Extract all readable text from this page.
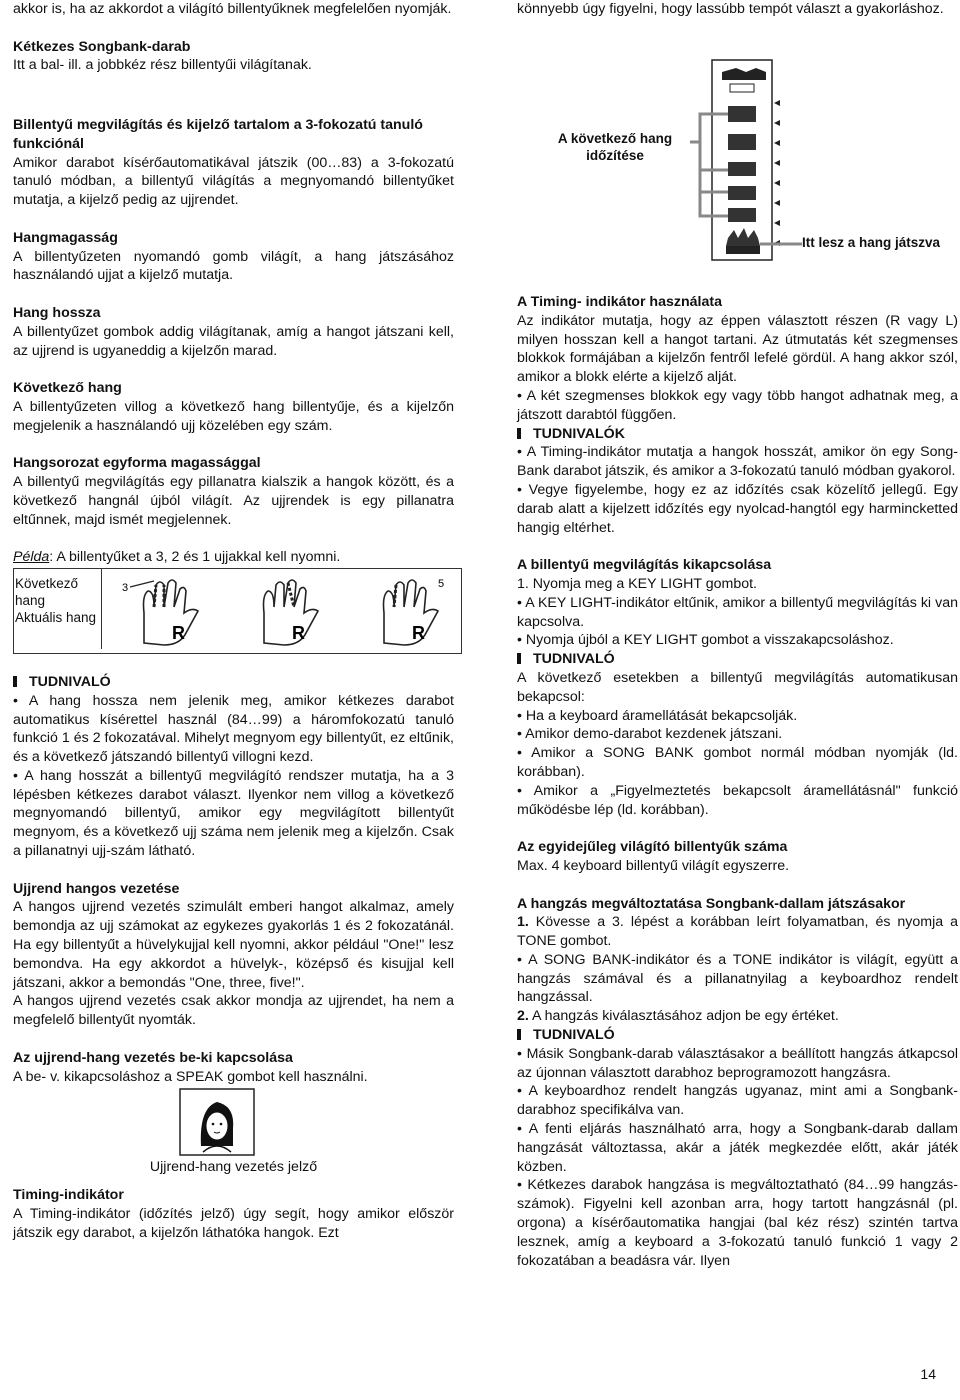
akkor is, ha az akkordot a világító billentyűknek megfelelően nyomják.

Kétkezes Songbank-darab

Itt a bal- ill. a jobbkéz rész billentyűi világítanak.

Billentyű megvilágítás és kijelző tartalom a 3-fokozatú tanuló funkciónál

Amikor darabot kísérőautomatikával játszik (00…83) a 3-fokozatú tanuló módban, a billentyű világítás a megnyomandó billentyűket mutatja, a kijelző pedig az ujjrendet.

Hangmagasság

A billentyűzeten nyomandó gomb világít, a hang játszásához használandó ujjat a kijelző mutatja.

Hang hossza

A billentyűzet gombok addig világítanak, amíg a hangot játszani kell, az ujjrend is ugyaneddig a kijelzőn marad.

Következő hang

A billentyűzeten villog a következő hang billentyűje, és a kijelzőn megjelenik a használandó ujj közelében egy szám.

Hangsorozat egyforma magassággal

A billentyű megvilágítás egy pillanatra kialszik a hangok között, és a következő hangnál újból világít. Az ujjrendek is egy pillanatra eltűnnek, majd ismét megjelennek.

Példa: A billentyűket a 3, 2 és 1 ujjakkal kell nyomni.

Következő
hang
Aktuális hang
3
R	R
5
R

TUDNIVALÓ

• A hang hossza nem jelenik meg, amikor kétkezes darabot automatikus kísérettel használ (84…99) a háromfokozatú tanuló funkció 1 és 2 fokozatával. Mihelyt megnyom egy billentyűt, ez eltűnik, és a következő játszandó billentyű villogni kezd.

• A hang hosszát a billentyű megvilágító rendszer mutatja, ha a 3 lépésben kétkezes darabot választ. Ilyenkor nem villog a következő megnyomandó billentyű, amikor egy megvilágított billentyűt megnyom, és a következő ujj száma nem jelenik meg a kijelzőn. Csak a pillanatnyi ujj-szám látható.

Ujjrend hangos vezetése

A hangos ujjrend vezetés szimulált emberi hangot alkalmaz, amely bemondja az ujj számokat az egykezes gyakorlás 1 és 2 fokozatánál. Ha egy billentyűt a hüvelykujjal kell nyomni, akkor például "One!" lesz bemondva. Ha egy akkordot a hüvelyk-, középső és kisujjal kell játszani, akkor a bemondás "One, three, five!".

A hangos ujjrend vezetés csak akkor mondja az ujjrendet, ha nem a megfelelő billentyűt nyomták.

Az ujjrend-hang vezetés be-ki kapcsolása

A be- v. kikapcsoláshoz a SPEAK gombot kell használni.

Ujjrend-hang vezetés jelző

Timing-indikátor

A Timing-indikátor (időzítés jelző) úgy segít, hogy amikor először játszik egy darabot, a kijelzőn láthatóka hangok. Ezt

könnyebb úgy figyelni, hogy lassúbb tempót választ a gyakorláshoz.

A következő hang
időzítése
Itt lesz a hang játszva

A Timing- indikátor használata

Az indikátor mutatja, hogy az éppen választott részen (R vagy L) milyen hosszan kell a hangot tartani. Az útmutatás két szegmenses blokkok formájában a kijelzőn fentről lefelé gördül. A hang akkor szól, amikor a blokk elérte a kijelző alját.

• A két szegmenses blokkok egy vagy több hangot adhatnak meg, a játszott darabtól függően.

TUDNIVALÓK

• A Timing-indikátor mutatja a hangok hosszát, amikor ön egy Song-Bank darabot játszik, és amikor a 3-fokozatú tanuló módban gyakorol.

• Vegye figyelembe, hogy ez az időzítés csak közelítő jellegű. Egy darab alatt a kijelzett időzítés egy nyolcad-hangtól egy harmincketted hangig eltérhet.

A billentyű megvilágítás kikapcsolása

1. Nyomja meg a KEY LIGHT gombot.

• A KEY LIGHT-indikátor eltűnik, amikor a billentyű megvilágítás ki van kapcsolva.

• Nyomja újból a KEY LIGHT gombot a visszakapcsoláshoz.

TUDNIVALÓ

A következő esetekben a billentyű megvilágítás automatikusan bekapcsol:

• Ha a keyboard áramellátását bekapcsolják.

• Amikor demo-darabot kezdenek játszani.

• Amikor a SONG BANK gombot normál módban nyomják (ld. korábban).

• Amikor a „Figyelmeztetés bekapcsolt áramellátásnál" funkció működésbe lép (ld. korábban).

Az egyidejűleg világító billentyűk száma

Max. 4 keyboard billentyű világít egyszerre.

A hangzás megváltoztatása Songbank-dallam játszásakor

1. Kövesse a 3. lépést a korábban leírt folyamatban, és nyomja a TONE gombot.

• A SONG BANK-indikátor és a TONE indikátor is világít, együtt a hangzás számával és a pillanatnyilag a keyboardhoz rendelt hangzással.

2. A hangzás kiválasztásához adjon be egy értéket.

TUDNIVALÓ

• Másik Songbank-darab választásakor a beállított hangzás átkapcsol az újonnan választott darabhoz beprogramozott hangzásra.

• A keyboardhoz rendelt hangzás ugyanaz, mint ami a Songbank-darabhoz specifikálva van.

• A fenti eljárás használható arra, hogy a Songbank-darab dallam hangzását változtassa, akár a játék megkezdée előtt, akár játék közben.

• Kétkezes darabok hangzása is megváltoztatható (84…99 hangzás-számok). Figyelni kell azonban arra, hogy tartott hangzásnál (pl. orgona) a kísérőautomatika hangjai (bal kéz rész) szintén tartva lesznek, amíg a keyboard a 3-fokozatú tanuló funkció 1 vagy 2 fokozatában a beadásra vár. Ilyen

14
